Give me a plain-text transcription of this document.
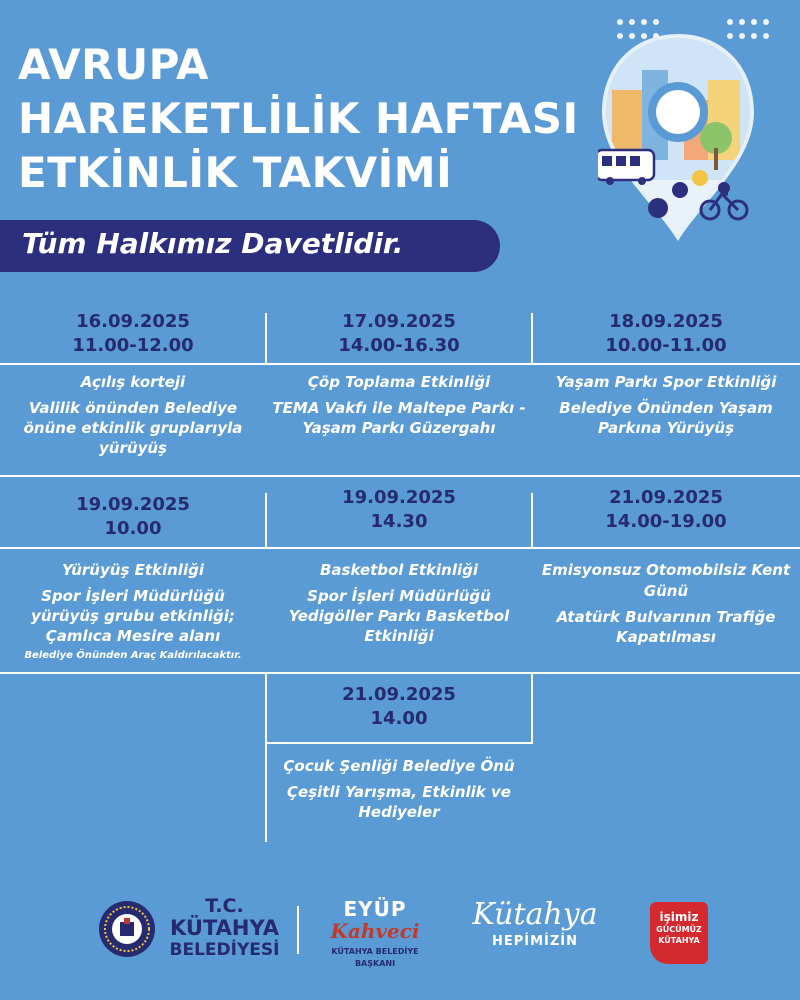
AVRUPA
HAREKETLİLİK HAFTASI
ETKİNLİK TAKVİMİ
Tüm Halkımız Davetlidir.
16.09.2025
11.00-12.00
17.09.2025
14.00-16.30
18.09.2025
10.00-11.00
Açılış korteji
Valilik önünden Belediye önüne etkinlik gruplarıyla yürüyüş
Çöp Toplama Etkinliği
TEMA Vakfı ile Maltepe Parkı - Yaşam Parkı Güzergahı
Yaşam Parkı Spor Etkinliği
Belediye Önünden Yaşam Parkına Yürüyüş
19.09.2025
10.00
19.09.2025
14.30
21.09.2025
14.00-19.00
Yürüyüş Etkinliği
Spor İşleri Müdürlüğü yürüyüş grubu etkinliği; Çamlıca Mesire alanı
Belediye Önünden Araç Kaldırılacaktır.
Basketbol Etkinliği
Spor İşleri Müdürlüğü Yedigöller Parkı Basketbol Etkinliği
Emisyonsuz Otomobilsiz Kent Günü
Atatürk Bulvarının Trafiğe Kapatılması
21.09.2025
14.00
Çocuk Şenliği Belediye Önü
Çeşitli Yarışma, Etkinlik ve Hediyeler
T.C.
KÜTAHYA
BELEDİYESİ
EYÜP
Kahveci
KÜTAHYA BELEDİYE BAŞKANI
Kütahya
HEPİMİZİN
işimiz
GÜCÜMÜZ
KÜTAHYA
